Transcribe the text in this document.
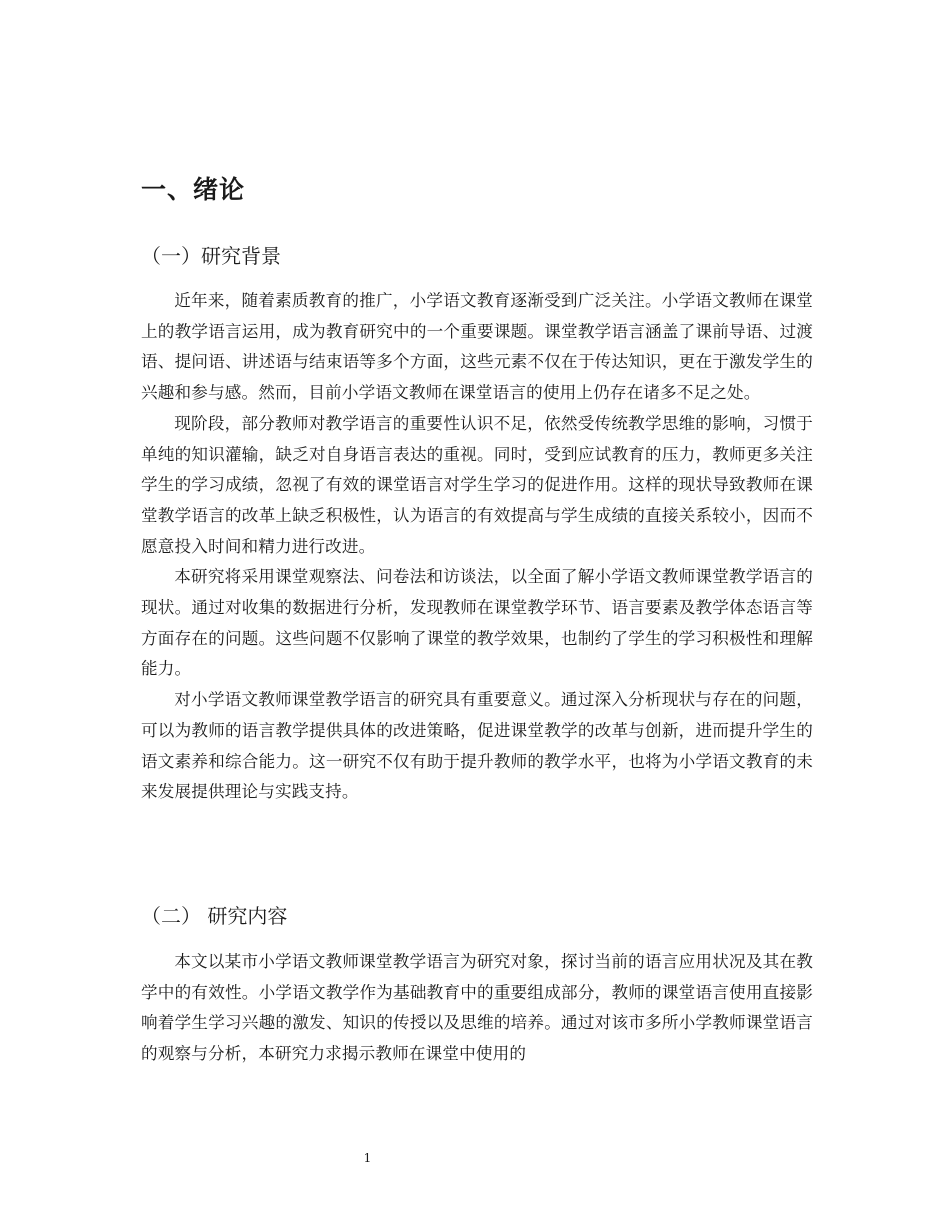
一、绪论
（一）研究背景

近年来，随着素质教育的推广，小学语文教育逐渐受到广泛关注。小学语文教师在课堂上的教学语言运用，成为教育研究中的一个重要课题。课堂教学语言涵盖了课前导语、过渡语、提问语、讲述语与结束语等多个方面，这些元素不仅在于传达知识，更在于激发学生的兴趣和参与感。然而，目前小学语文教师在课堂语言的使用上仍存在诸多不足之处。

现阶段，部分教师对教学语言的重要性认识不足，依然受传统教学思维的影响，习惯于单纯的知识灌输，缺乏对自身语言表达的重视。同时，受到应试教育的压力，教师更多关注学生的学习成绩，忽视了有效的课堂语言对学生学习的促进作用。这样的现状导致教师在课堂教学语言的改革上缺乏积极性，认为语言的有效提高与学生成绩的直接关系较小，因而不愿意投入时间和精力进行改进。

本研究将采用课堂观察法、问卷法和访谈法，以全面了解小学语文教师课堂教学语言的现状。通过对收集的数据进行分析，发现教师在课堂教学环节、语言要素及教学体态语言等方面存在的问题。这些问题不仅影响了课堂的教学效果，也制约了学生的学习积极性和理解能力。

对小学语文教师课堂教学语言的研究具有重要意义。通过深入分析现状与存在的问题，可以为教师的语言教学提供具体的改进策略，促进课堂教学的改革与创新，进而提升学生的语文素养和综合能力。这一研究不仅有助于提升教师的教学水平，也将为小学语文教育的未来发展提供理论与实践支持。

（二） 研究内容

本文以某市小学语文教师课堂教学语言为研究对象，探讨当前的语言应用状况及其在教学中的有效性。小学语文教学作为基础教育中的重要组成部分，教师的课堂语言使用直接影响着学生学习兴趣的激发、知识的传授以及思维的培养。通过对该市多所小学教师课堂语言的观察与分析，本研究力求揭示教师在课堂中使用的

1
